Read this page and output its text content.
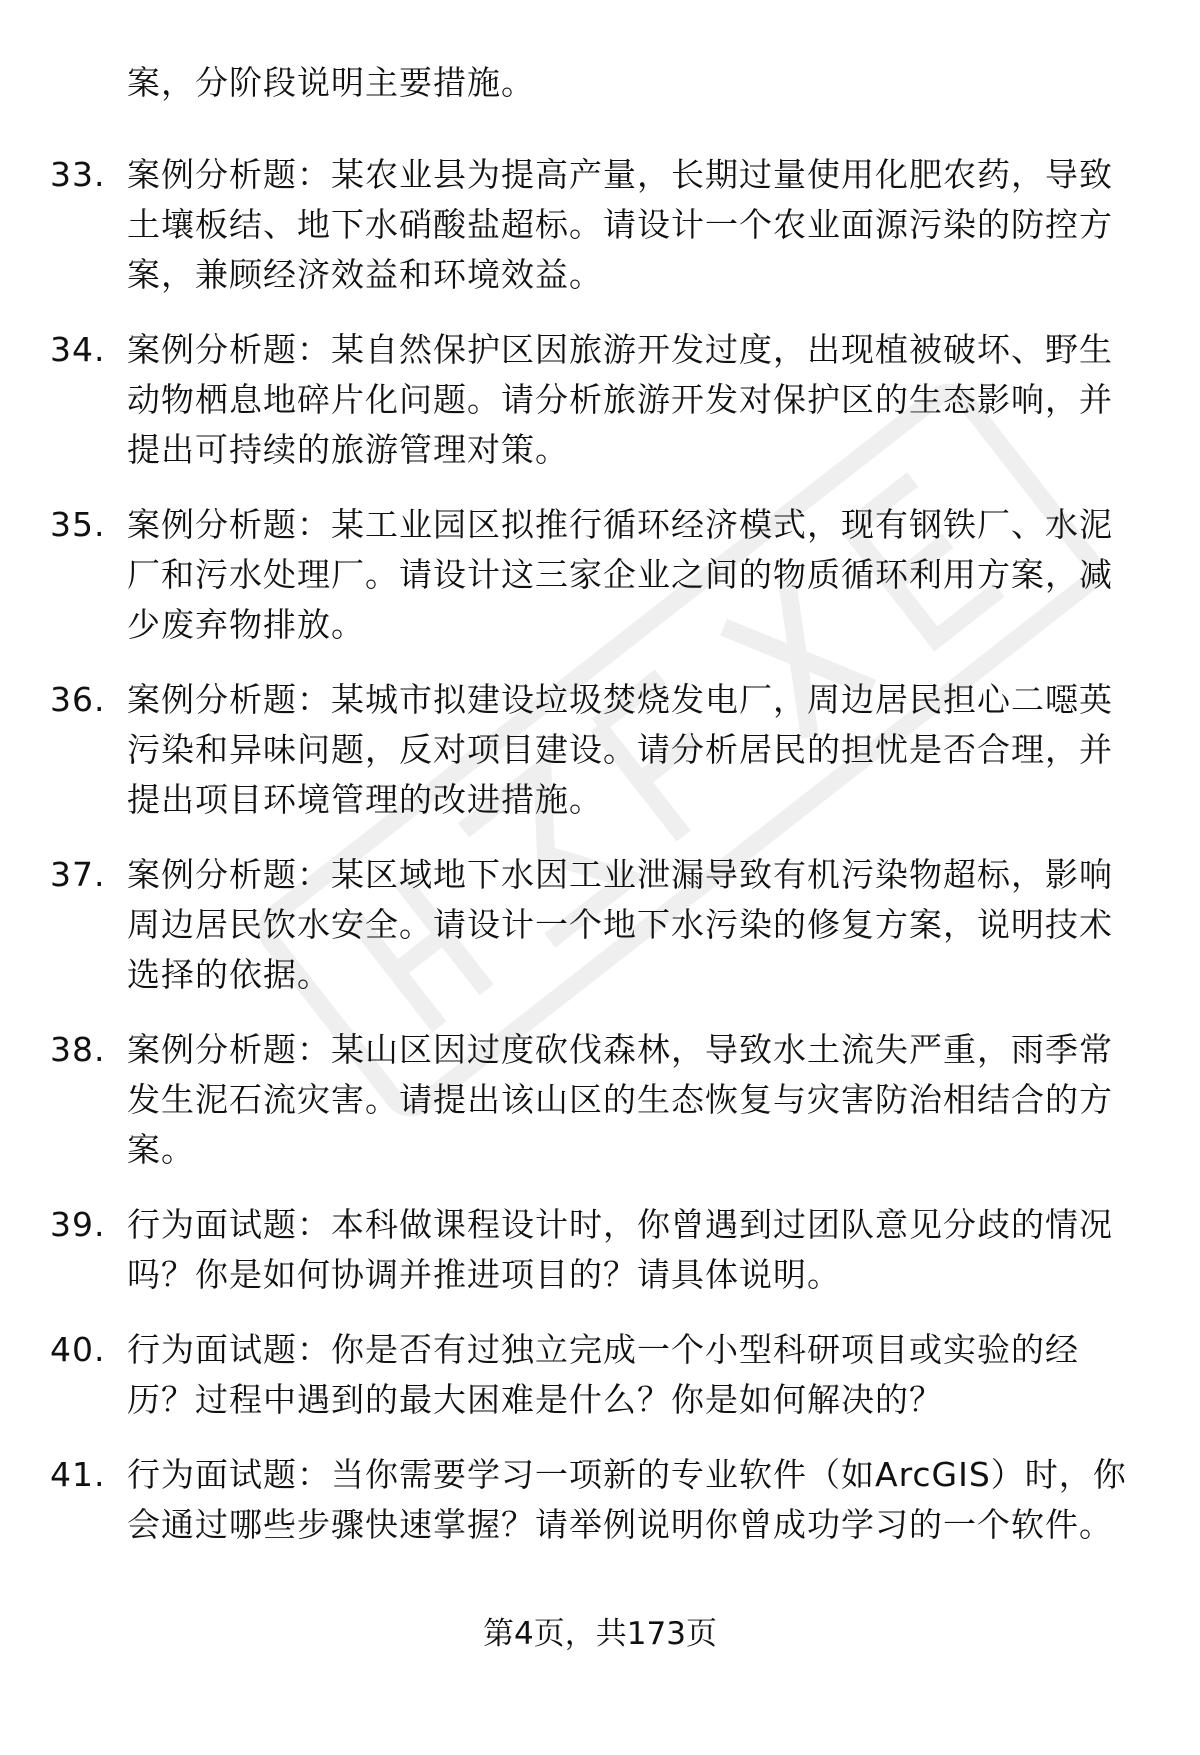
案，分阶段说明主要措施。
33. 案例分析题：某农业县为提高产量，长期过量使用化肥农药，导致土壤板结、地下水硝酸盐超标。请设计一个农业面源污染的防控方案，兼顾经济效益和环境效益。
34. 案例分析题：某自然保护区因旅游开发过度，出现植被破坏、野生动物栖息地碎片化问题。请分析旅游开发对保护区的生态影响，并提出可持续的旅游管理对策。
35. 案例分析题：某工业园区拟推行循环经济模式，现有钢铁厂、水泥厂和污水处理厂。请设计这三家企业之间的物质循环利用方案，减少废弃物排放。
36. 案例分析题：某城市拟建设垃圾焚烧发电厂，周边居民担心二噁英污染和异味问题，反对项目建设。请分析居民的担忧是否合理，并提出项目环境管理的改进措施。
37. 案例分析题：某区域地下水因工业泄漏导致有机污染物超标，影响周边居民饮水安全。请设计一个地下水污染的修复方案，说明技术选择的依据。
38. 案例分析题：某山区因过度砍伐森林，导致水土流失严重，雨季常发生泥石流灾害。请提出该山区的生态恢复与灾害防治相结合的方案。
39. 行为面试题：本科做课程设计时，你曾遇到过团队意见分歧的情况吗？你是如何协调并推进项目的？请具体说明。
40. 行为面试题：你是否有过独立完成一个小型科研项目或实验的经历？过程中遇到的最大困难是什么？你是如何解决的？
41. 行为面试题：当你需要学习一项新的专业软件（如ArcGIS）时，你会通过哪些步骤快速掌握？请举例说明你曾成功学习的一个软件。
第4页，共173页
